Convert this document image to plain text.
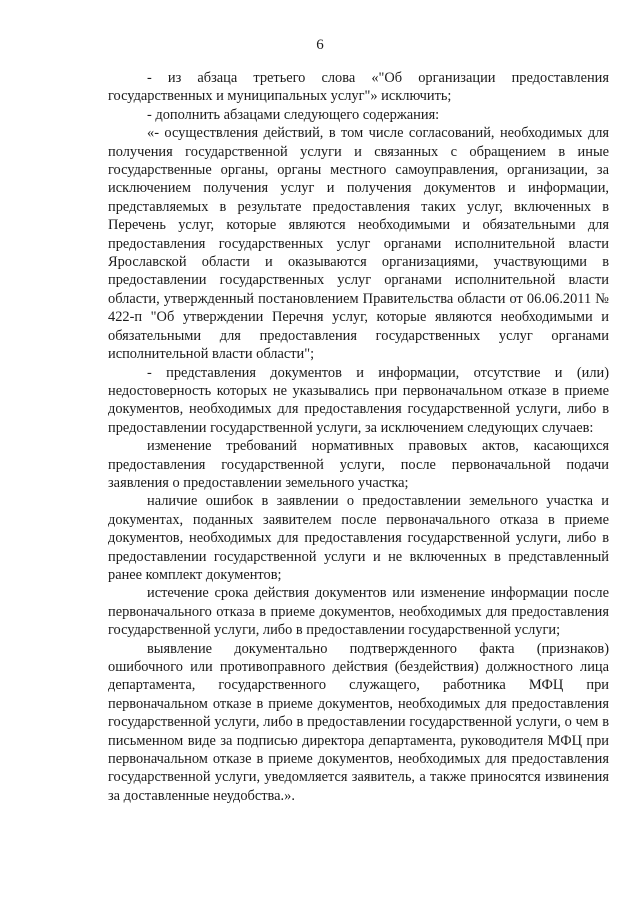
6

- из абзаца третьего слова «"Об организации предоставления государственных и муниципальных услуг"» исключить;

- дополнить абзацами следующего содержания:

«- осуществления действий, в том числе согласований, необходимых для получения государственной услуги и связанных с обращением в иные государственные органы, органы местного самоуправления, организации, за исключением получения услуг и получения документов и информации, представляемых в результате предоставления таких услуг, включенных в Перечень услуг, которые являются необходимыми и обязательными для предоставления государственных услуг органами исполнительной власти Ярославской области и оказываются организациями, участвующими в предоставлении государственных услуг органами исполнительной власти области, утвержденный постановлением Правительства области от 06.06.2011 № 422-п "Об утверждении Перечня услуг, которые являются необходимыми и обязательными для предоставления государственных услуг органами исполнительной власти области";

- представления документов и информации, отсутствие и (или) недостоверность которых не указывались при первоначальном отказе в приеме документов, необходимых для предоставления государственной услуги, либо в предоставлении государственной услуги, за исключением следующих случаев:

изменение требований нормативных правовых актов, касающихся предоставления государственной услуги, после первоначальной подачи заявления о предоставлении земельного участка;

наличие ошибок в заявлении о предоставлении земельного участка и документах, поданных заявителем после первоначального отказа в приеме документов, необходимых для предоставления государственной услуги, либо в предоставлении государственной услуги и не включенных в представленный ранее комплект документов;

истечение срока действия документов или изменение информации после первоначального отказа в приеме документов, необходимых для предоставления государственной услуги, либо в предоставлении государственной услуги;

выявление документально подтвержденного факта (признаков) ошибочного или противоправного действия (бездействия) должностного лица департамента, государственного служащего, работника МФЦ при первоначальном отказе в приеме документов, необходимых для предоставления государственной услуги, либо в предоставлении государственной услуги, о чем в письменном виде за подписью директора департамента, руководителя МФЦ при первоначальном отказе в приеме документов, необходимых для предоставления государственной услуги, уведомляется заявитель, а также приносятся извинения за доставленные неудобства.».
